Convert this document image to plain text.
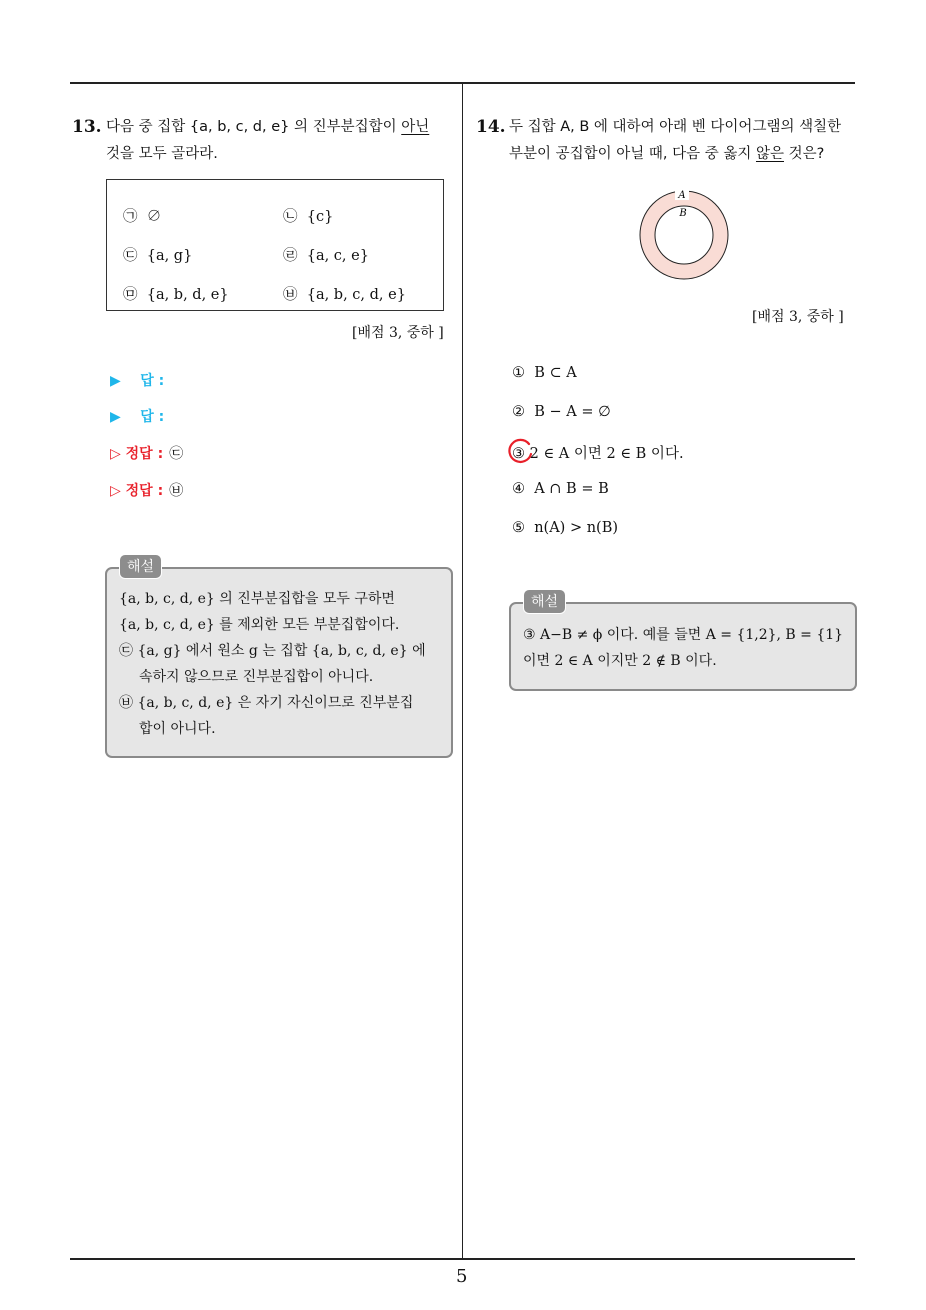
13. 다음 중 집합 {a, b, c, d, e} 의 진부분집합이 아닌
것을 모두 골라라.
㉠ ∅	㉡ {c}
㉢ {a, g}	㉣ {a, c, e}
㉤ {a, b, d, e}	㉥ {a, b, c, d, e}
[배점 3, 중하 ]
▶ 답 :
▶ 답 :
▷ 정답 : ㉢
▷ 정답 : ㉥
{a, b, c, d, e} 의 진부분집합을 모두 구하면
{a, b, c, d, e} 를 제외한 모든 부분집합이다.
㉢ {a, g} 에서 원소 g 는 집합 {a, b, c, d, e} 에
속하지 않으므로 진부분집합이 아니다.
㉥ {a, b, c, d, e} 은 자기 자신이므로 진부분집
합이 아니다.
해설
14. 두 집합 A, B 에 대하여 아래 벤 다이어그램의 색칠한
부분이 공집합이 아닐 때, 다음 중 옳지 않은 것은?
A
B
[배점 3, 중하 ]
① B ⊂ A
② B − A = ∅
③ 2 ∈ A 이면 2 ∈ B 이다.
④ A ∩ B = B
⑤ n(A) > n(B)
③ A−B ≠ ϕ 이다. 예를 들면 A = {1,2}, B = {1}
이면 2 ∈ A 이지만 2 ∉ B 이다.
해설
5
